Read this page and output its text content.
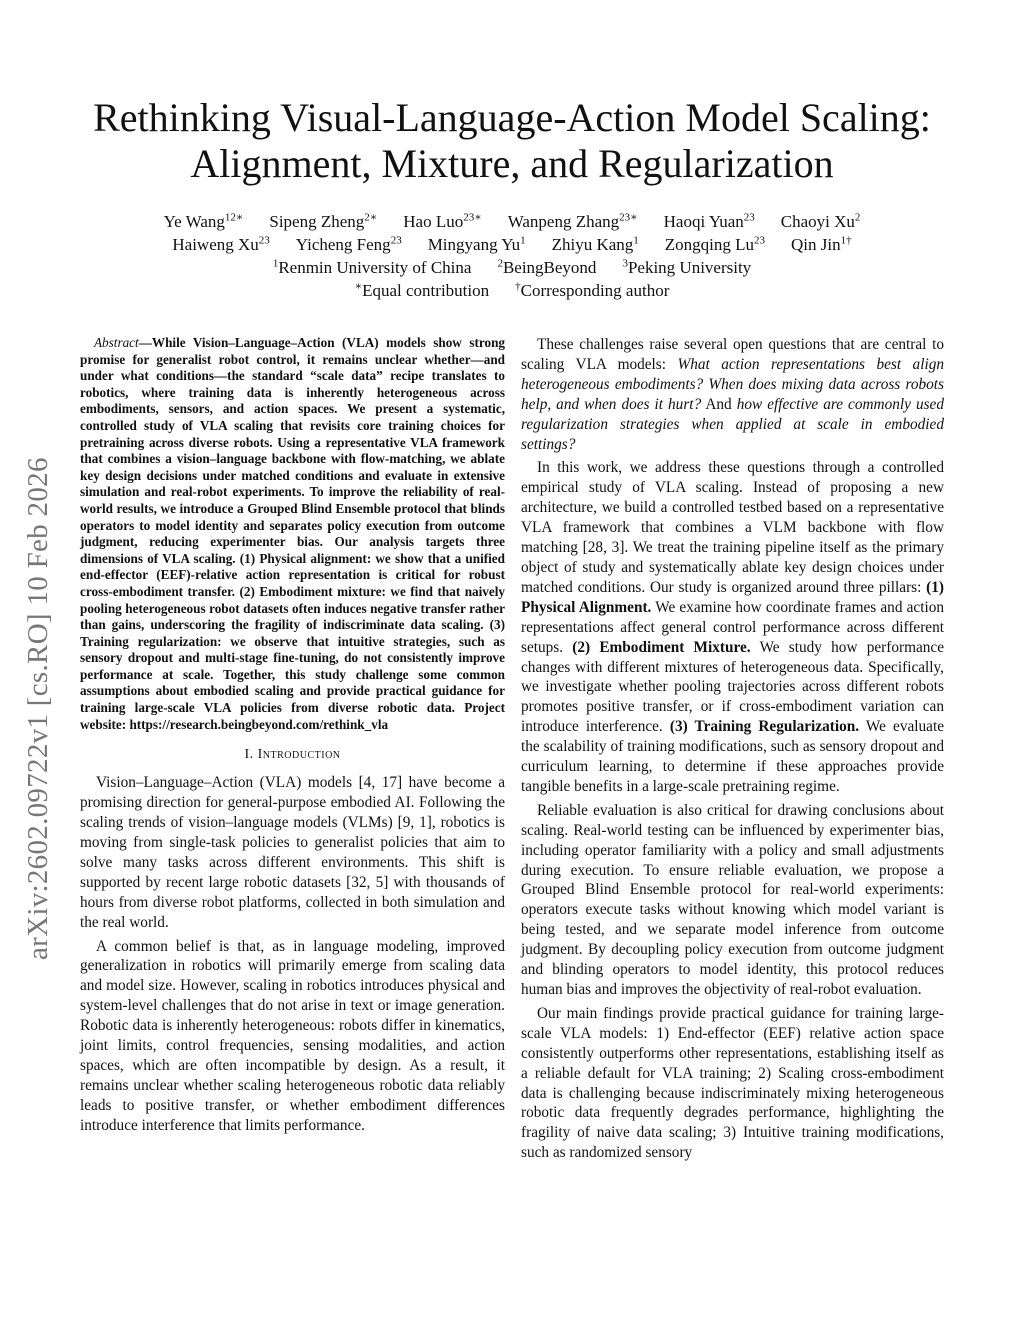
arXiv:2602.09722v1 [cs.RO] 10 Feb 2026
Rethinking Visual-Language-Action Model Scaling:
Alignment, Mixture, and Regularization
Ye Wang$^{12∗}$ Sipeng Zheng$^{2∗}$ Hao Luo$^{23∗}$ Wanpeng Zhang$^{23∗}$ Haoqi Yuan$^{23}$ Chaoyi Xu$^2$
Haiweng Xu$^{23}$ Yicheng Feng$^{23}$ Mingyang Yu$^1$ Zhiyu Kang$^1$ Zongqing Lu$^{23}$ Qin Jin$^{1\dagger}$
$^1$Renmin University of China $^2$BeingBeyond $^3$Peking University
∗Equal contribution †Corresponding author

Abstract—While Vision–Language–Action (VLA) models show strong promise for generalist robot control, it remains unclear whether—and under what conditions—the standard “scale data” recipe translates to robotics, where training data is inherently heterogeneous across embodiments, sensors, and action spaces. We present a systematic, controlled study of VLA scaling that revisits core training choices for pretraining across diverse robots. Using a representative VLA framework that combines a vision–language backbone with flow-matching, we ablate key design decisions under matched conditions and evaluate in extensive simulation and real-robot experiments. To improve the reliability of real-world results, we introduce a Grouped Blind Ensemble protocol that blinds operators to model identity and separates policy execution from outcome judgment, reducing experimenter bias. Our analysis targets three dimensions of VLA scaling. (1) Physical alignment: we show that a unified end-effector (EEF)-relative action representation is critical for robust cross-embodiment transfer. (2) Embodiment mixture: we find that naively pooling heterogeneous robot datasets often induces negative transfer rather than gains, underscoring the fragility of indiscriminate data scaling. (3) Training regularization: we observe that intuitive strategies, such as sensory dropout and multi-stage fine-tuning, do not consistently improve performance at scale. Together, this study challenge some common assumptions about embodied scaling and provide practical guidance for training large-scale VLA policies from diverse robotic data. Project website: https://research.beingbeyond.com/rethink_vla

I. Introduction

Vision–Language–Action (VLA) models [4, 17] have become a promising direction for general-purpose embodied AI. Following the scaling trends of vision–language models (VLMs) [9, 1], robotics is moving from single-task policies to generalist policies that aim to solve many tasks across different environments. This shift is supported by recent large robotic datasets [32, 5] with thousands of hours from diverse robot platforms, collected in both simulation and the real world.

A common belief is that, as in language modeling, improved generalization in robotics will primarily emerge from scaling data and model size. However, scaling in robotics introduces physical and system-level challenges that do not arise in text or image generation. Robotic data is inherently heterogeneous: robots differ in kinematics, joint limits, control frequencies, sensing modalities, and action spaces, which are often incompatible by design. As a result, it remains unclear whether scaling heterogeneous robotic data reliably leads to positive transfer, or whether embodiment differences introduce interference that limits performance.

These challenges raise several open questions that are central to scaling VLA models: What action representations best align heterogeneous embodiments? When does mixing data across robots help, and when does it hurt? And how effective are commonly used regularization strategies when applied at scale in embodied settings?

In this work, we address these questions through a controlled empirical study of VLA scaling. Instead of proposing a new architecture, we build a controlled testbed based on a representative VLA framework that combines a VLM backbone with flow matching [28, 3]. We treat the training pipeline itself as the primary object of study and systematically ablate key design choices under matched conditions. Our study is organized around three pillars: (1) Physical Alignment. We examine how coordinate frames and action representations affect general control performance across different setups. (2) Embodiment Mixture. We study how performance changes with different mixtures of heterogeneous data. Specifically, we investigate whether pooling trajectories across different robots promotes positive transfer, or if cross-embodiment variation can introduce interference. (3) Training Regularization. We evaluate the scalability of training modifications, such as sensory dropout and curriculum learning, to determine if these approaches provide tangible benefits in a large-scale pretraining regime.

Reliable evaluation is also critical for drawing conclusions about scaling. Real-world testing can be influenced by experimenter bias, including operator familiarity with a policy and small adjustments during execution. To ensure reliable evaluation, we propose a Grouped Blind Ensemble protocol for real-world experiments: operators execute tasks without knowing which model variant is being tested, and we separate model inference from outcome judgment. By decoupling policy execution from outcome judgment and blinding operators to model identity, this protocol reduces human bias and improves the objectivity of real-robot evaluation.

Our main findings provide practical guidance for training large-scale VLA models: 1) End-effector (EEF) relative action space consistently outperforms other representations, establishing itself as a reliable default for VLA training; 2) Scaling cross-embodiment data is challenging because indiscriminately mixing heterogeneous robotic data frequently degrades performance, highlighting the fragility of naive data scaling; 3) Intuitive training modifications, such as randomized sensory
